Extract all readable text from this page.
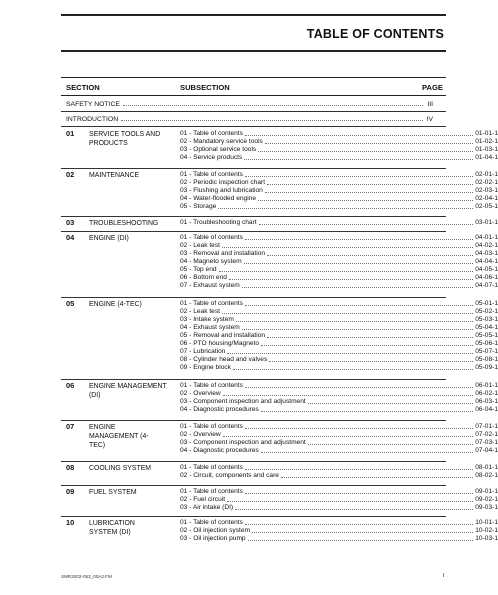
TABLE OF CONTENTS
SECTION	SUBSECTION	PAGE
SAFETY NOTICE	III
INTRODUCTION	IV
01 SERVICE TOOLS AND PRODUCTS
01 - Table of contents	01-01-1
02 - Mandatory service tools	01-02-1
03 - Optional service tools	01-03-1
04 - Service products	01-04-1
02 MAINTENANCE	01 - Table of contents	02-01-1
02 - Periodic inspection chart	02-02-1
03 - Flushing and lubrication	02-03-1
04 - Water-flooded engine	02-04-1
05 - Storage	02-05-1
03 TROUBLESHOOTING	01 - Troubleshooting chart	03-01-1
04 ENGINE (DI)	01 - Table of contents	04-01-1
02 - Leak test	04-02-1
03 - Removal and installation	04-03-1
04 - Magneto system	04-04-1
05 - Top end	04-05-1
06 - Bottom end	04-06-1
07 - Exhaust system	04-07-1
05 ENGINE (4-TEC)	01 - Table of contents	05-01-1
02 - Leak test	05-02-1
03 - Intake system	05-03-1
04 - Exhaust system	05-04-1
05 - Removal and installation	05-05-1
06 - PTO housing/Magneto	05-06-1
07 - Lubrication	05-07-1
08 - Cylinder head and valves	05-08-1
09 - Engine block	05-09-1
06 ENGINE MANAGEMENT (DI)
01 - Table of contents	06-01-1
02 - Overview	06-02-1
03 - Component inspection and adjustment	06-03-1
04 - Diagnostic procedures	06-04-1
07 ENGINE MANAGEMENT (4-TEC)
01 - Table of contents	07-01-1
02 - Overview	07-02-1
03 - Component inspection and adjustment	07-03-1
04 - Diagnostic procedures	07-04-1
08 COOLING SYSTEM	01 - Table of contents	08-01-1
02 - Circuit, components and care	08-02-1
09 FUEL SYSTEM	01 - Table of contents	09-01-1
02 - Fuel circuit	09-02-1
03 - Air intake (DI)	09-03-1
10 LUBRICATION SYSTEM (DI)
01 - Table of contents	10-01-1
02 - Oil injection system	10-02-1
03 - Oil injection pump	10-03-1
SMR2002-053_00A2.FM	I
